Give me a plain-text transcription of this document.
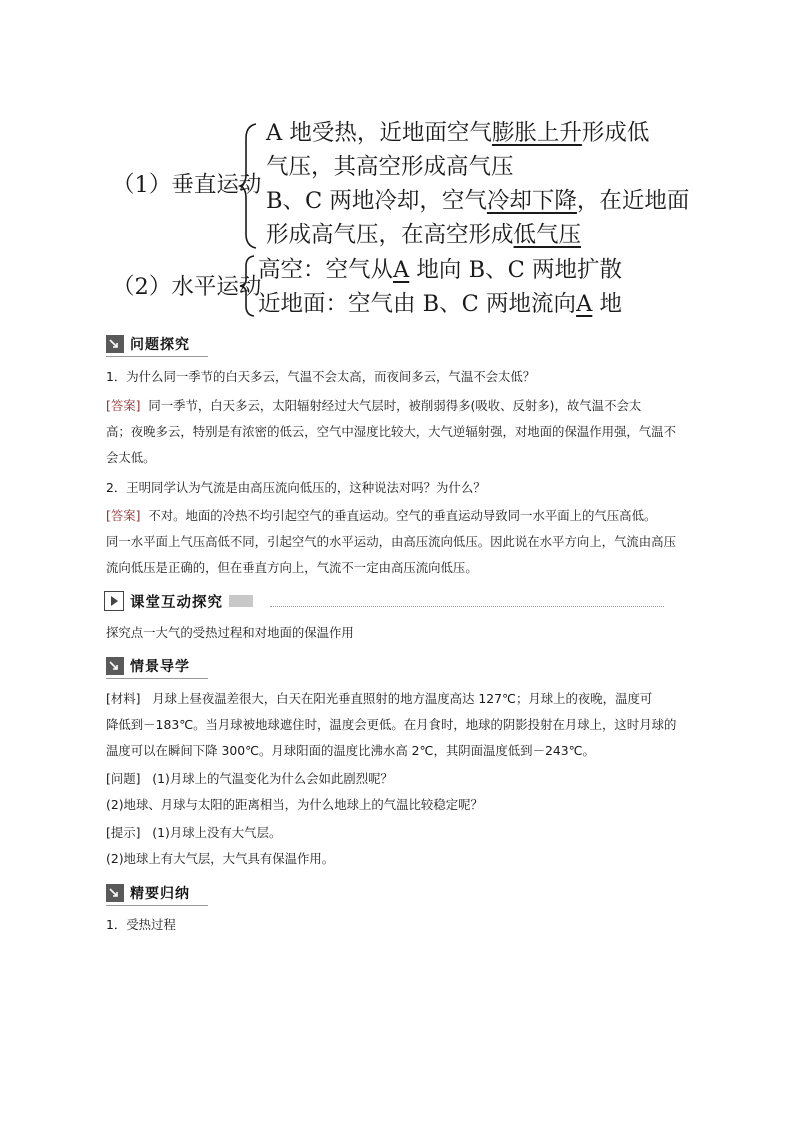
（1）垂直运动
A 地受热，近地面空气膨胀上升形成低
气压，其高空形成高气压
B、C 两地冷却，空气冷却下降，在近地面
形成高气压，在高空形成低气压
（2）水平运动
高空：空气从A 地向 B、C 两地扩散
近地面：空气由 B、C 两地流向A 地
问题探究
1．为什么同一季节的白天多云，气温不会太高，而夜间多云，气温不会太低？
[答案] 同一季节，白天多云，太阳辐射经过大气层时，被削弱得多(吸收、反射多)，故气温不会太
高；夜晚多云，特别是有浓密的低云，空气中湿度比较大，大气逆辐射强，对地面的保温作用强，气温不
会太低。
2．王明同学认为气流是由高压流向低压的，这种说法对吗？为什么？
[答案] 不对。地面的冷热不均引起空气的垂直运动。空气的垂直运动导致同一水平面上的气压高低。
同一水平面上气压高低不同，引起空气的水平运动，由高压流向低压。因此说在水平方向上，气流由高压
流向低压是正确的，但在垂直方向上，气流不一定由高压流向低压。
课堂互动探究
探究点一大气的受热过程和对地面的保温作用
情景导学
[材料] 月球上昼夜温差很大，白天在阳光垂直照射的地方温度高达 127℃；月球上的夜晚，温度可
降低到－183℃。当月球被地球遮住时，温度会更低。在月食时，地球的阴影投射在月球上，这时月球的
温度可以在瞬间下降 300℃。月球阳面的温度比沸水高 2℃，其阴面温度低到－243℃。
[问题] (1)月球上的气温变化为什么会如此剧烈呢？
(2)地球、月球与太阳的距离相当，为什么地球上的气温比较稳定呢？
[提示] (1)月球上没有大气层。
(2)地球上有大气层，大气具有保温作用。
精要归纳
1．受热过程
